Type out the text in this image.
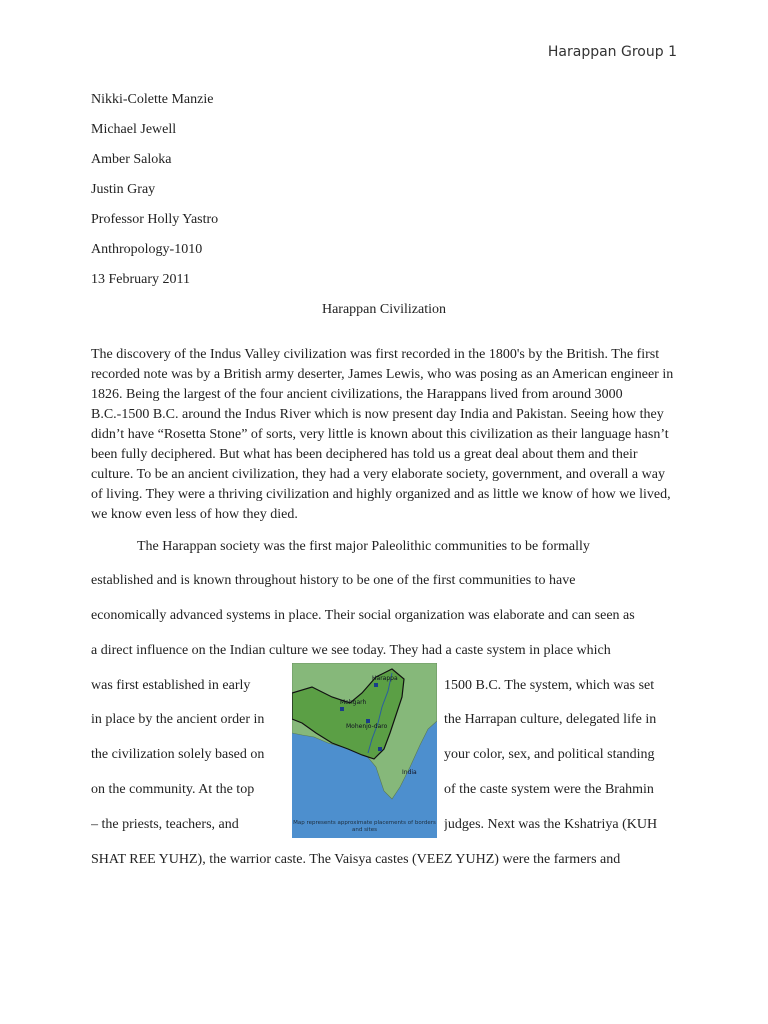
Harappan Group 1
Nikki-Colette Manzie
Michael Jewell
Amber Saloka
Justin Gray
Professor Holly Yastro
Anthropology-1010
13 February 2011
Harappan Civilization
The discovery of the Indus Valley civilization was first recorded in the 1800's by the British. The first recorded note was by a British army deserter, James Lewis, who was posing as an American engineer in 1826. Being the largest of the four ancient civilizations, the Harappans lived from around 3000 B.C.-1500 B.C. around the Indus River which is now present day India and Pakistan. Seeing how they didn’t have “Rosetta Stone” of sorts, very little is known about this civilization as their language hasn’t been fully deciphered. But what has been deciphered has told us a great deal about them and their culture. To be an ancient civilization, they had a very elaborate society, government, and overall a way of living. They were a thriving civilization and highly organized and as little we know of how we lived, we know even less of how they died.
The Harappan society was the first major Paleolithic communities to be formally
established and is known throughout history to be one of the first communities to have
economically advanced systems in place. Their social organization was elaborate and can seen as
a direct influence on the Indian culture we see today. They had a caste system in place which
was first established in early
in place by the ancient order in
the civilization solely based on
on the community. At the top
– the priests, teachers, and
1500 B.C. The system, which was set
the Harrapan culture, delegated life in
your color, sex, and political standing
of the caste system were the Brahmin
judges. Next was the Kshatriya (KUH
SHAT REE YUHZ), the warrior caste. The Vaisya castes (VEEZ YUHZ) were the farmers and
Harappa
Mehgarh
Mohenjo-daro
India
Map represents approximate placements of borders and sites
